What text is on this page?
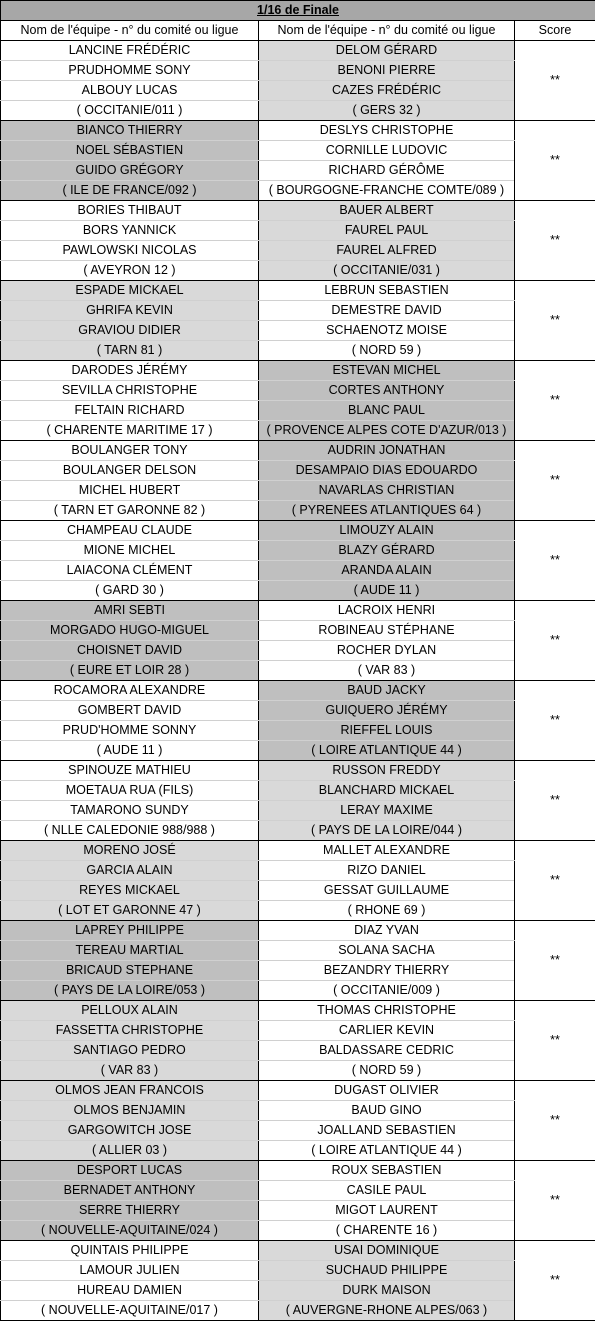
1/16 de Finale		
Nom de l'équipe - n° du comité ou ligue	Nom de l'équipe - n° du comité ou ligue	Score
LANCINE FRÉDÉRIC	DELOM GÉRARD	**
PRUDHOMME SONY	BENONI PIERRE	
ALBOUY LUCAS	CAZES FRÉDÉRIC	
( OCCITANIE/011 )	( GERS 32 )	
BIANCO THIERRY	DESLYS CHRISTOPHE	**
NOEL SÉBASTIEN	CORNILLE LUDOVIC	
GUIDO GRÉGORY	RICHARD GÉRÔME	
( ILE DE FRANCE/092 )	( BOURGOGNE-FRANCHE COMTE/089 )	
BORIES THIBAUT	BAUER ALBERT	**
BORS YANNICK	FAUREL PAUL	
PAWLOWSKI NICOLAS	FAUREL ALFRED	
( AVEYRON 12 )	( OCCITANIE/031 )	
ESPADE MICKAEL	LEBRUN SEBASTIEN	**
GHRIFA KEVIN	DEMESTRE DAVID	
GRAVIOU DIDIER	SCHAENOTZ MOISE	
( TARN 81 )	( NORD 59 )	
DARODES JÉRÉMY	ESTEVAN MICHEL	**
SEVILLA CHRISTOPHE	CORTES ANTHONY	
FELTAIN RICHARD	BLANC PAUL	
( CHARENTE MARITIME 17 )	( PROVENCE ALPES COTE D'AZUR/013 )	
BOULANGER TONY	AUDRIN JONATHAN	**
BOULANGER DELSON	DESAMPAIO DIAS EDOUARDO	
MICHEL HUBERT	NAVARLAS CHRISTIAN	
( TARN ET GARONNE 82 )	( PYRENEES ATLANTIQUES 64 )	
CHAMPEAU CLAUDE	LIMOUZY ALAIN	**
MIONE MICHEL	BLAZY GÉRARD	
LAIACONA CLÉMENT	ARANDA ALAIN	
( GARD 30 )	( AUDE 11 )	
AMRI SEBTI	LACROIX HENRI	**
MORGADO HUGO-MIGUEL	ROBINEAU STÉPHANE	
CHOISNET DAVID	ROCHER DYLAN	
( EURE ET LOIR 28 )	( VAR 83 )	
ROCAMORA ALEXANDRE	BAUD JACKY	**
GOMBERT DAVID	GUIQUERO JÉRÉMY	
PRUD'HOMME SONNY	RIEFFEL LOUIS	
( AUDE 11 )	( LOIRE ATLANTIQUE 44 )	
SPINOUZE MATHIEU	RUSSON FREDDY	**
MOETAUA RUA (FILS)	BLANCHARD MICKAEL	
TAMARONO SUNDY	LERAY MAXIME	
( NLLE CALEDONIE 988/988 )	( PAYS DE LA LOIRE/044 )	
MORENO JOSÉ	MALLET ALEXANDRE	**
GARCIA ALAIN	RIZO DANIEL	
REYES MICKAEL	GESSAT GUILLAUME	
( LOT ET GARONNE 47 )	( RHONE 69 )	
LAPREY PHILIPPE	DIAZ YVAN	**
TEREAU MARTIAL	SOLANA SACHA	
BRICAUD STEPHANE	BEZANDRY THIERRY	
( PAYS DE LA LOIRE/053 )	( OCCITANIE/009 )	
PELLOUX ALAIN	THOMAS CHRISTOPHE	**
FASSETTA CHRISTOPHE	CARLIER KEVIN	
SANTIAGO PEDRO	BALDASSARE CEDRIC	
( VAR 83 )	( NORD 59 )	
OLMOS JEAN FRANCOIS	DUGAST OLIVIER	**
OLMOS BENJAMIN	BAUD GINO	
GARGOWITCH JOSE	JOALLAND SEBASTIEN	
( ALLIER 03 )	( LOIRE ATLANTIQUE 44 )	
DESPORT LUCAS	ROUX SEBASTIEN	**
BERNADET ANTHONY	CASILE PAUL	
SERRE THIERRY	MIGOT LAURENT	
( NOUVELLE-AQUITAINE/024 )	( CHARENTE 16 )	
QUINTAIS PHILIPPE	USAI DOMINIQUE	**
LAMOUR JULIEN	SUCHAUD PHILIPPE	
HUREAU DAMIEN	DURK MAISON	
( NOUVELLE-AQUITAINE/017 )	( AUVERGNE-RHONE ALPES/063 )	
